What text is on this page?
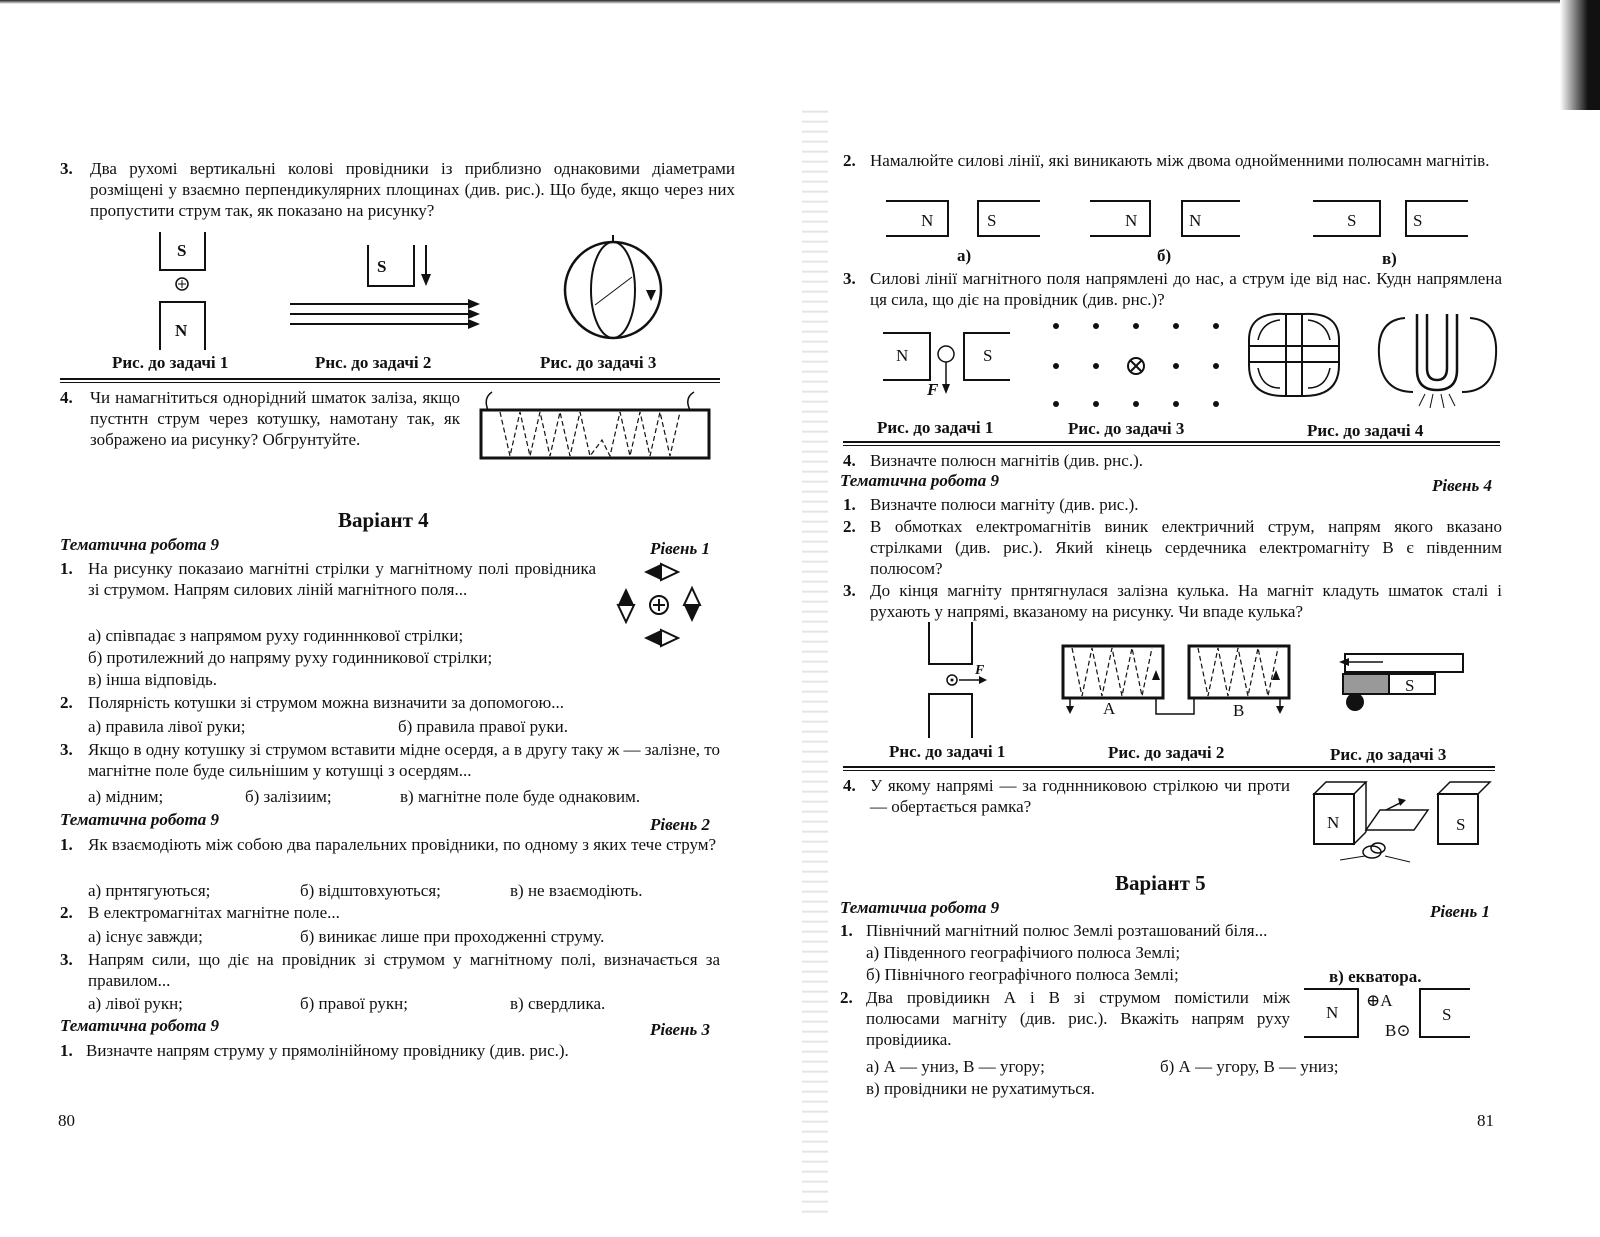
3. Два рухомі вертикальні колові провідники із приблизно однаковими діаметрами розміщені у взаємно перпендикулярних площинах (див. рис.). Що буде, якщо через них пропустити струм так, як показано на рисунку?
S
N
S
Рис. до задачі 1	Рнс. до задачі 2	Рис. до задачі 3
4. Чи намагнітиться однорідний шматок заліза, якщо пустнтн струм через котушку, намотану так, як зображено иа рисунку? Обгрунтуйте.
Варіант 4
Тематична робота 9	Рівень 1
1. На рисунку показаио магнітні стрілки у магнітному полі провідника зі струмом. Напрям силових ліній магнітного поля...
а) співпадає з напрямом руху годинннкової стрілки;
б) протилежний до напряму руху годинникової стрілки;
в) інша відповідь.
2. Полярність котушки зі струмом можна визначити за допомогою...
а) правила лівої руки;	б) правила правої руки.
3. Якщо в одну котушку зі струмом вставити мідне осердя, а в другу таку ж — залізне, то магнітне поле буде сильнішим у котушці з осердям...
а) мідним;	б) залізиим;	в) магнітне поле буде однаковим.
Тематична робота 9	Рівень 2
1. Як взаємодіють між собою два паралельних провідники, по одному з яких тече струм?
а) прнтягуються;	б) відштовхуються;	в) не взаємодіють.
2. В електромагнітах магнітне поле...
а) існує завжди;	б) виникає лише при проходженні струму.
3. Напрям сили, що діє на провідник зі струмом у магнітному полі, визначається за правилом...
а) лівої рукн;	б) правої рукн;	в) свердлика.
Тематична робота 9	Рівень 3
1. Визначте напрям струму у прямолінійному провіднику (див. рис.).
80
2. Намалюйте силові лінії, які виникають між двома однойменними полюсамн магнітів.
N	S	N	N	S	S
а)	б)	в)
3. Силові лінії магнітного поля напрямлені до нас, а струм іде від нас. Кудн напрямлена ця сила, що діє на провідник (див. рнс.)?
N	S
F
Рис. до задачі 1	Рис. до задачі 3	Рис. до задачі 4
4. Визначте полюсн магнітів (див. рнс.).
Тематична робота 9	Рівень 4
1. Визначте полюси магніту (див. рис.).
2. В обмотках електромагнітів виник електричний струм, напрям якого вказано стрілками (див. рис.). Який кінець сердечника електромагніту В є південним полюсом?
3. До кінця магніту прнтягнулася залізна кулька. На магніт кладуть шматок сталі і рухають у напрямі, вказаному на рисунку. Чи впаде кулька?
F
A	B
S
Рнс. до задачі 1	Рис. до задачі 2	Рис. до задачі 3
4. У якому напрямі — за годннниковою стрілкою чи проти — обертається рамка?
N	S
Варіант 5
Тематичиа робота 9	Рівень 1
1. Північний магнітний полюс Землі розташований біля...
а) Південного географічиого полюса Землі;
б) Північного географічного полюса Землі;	в) екватора.
2. Два провідиикн А і В зі струмом помістили між полюсами магніту (див. рис.). Вкажіть напрям руху провідиика.
N	S
⊕A
B⊙
а) А — униз, В — угору;	б) А — угору, В — униз;
в) провідники не рухатимуться.
81
